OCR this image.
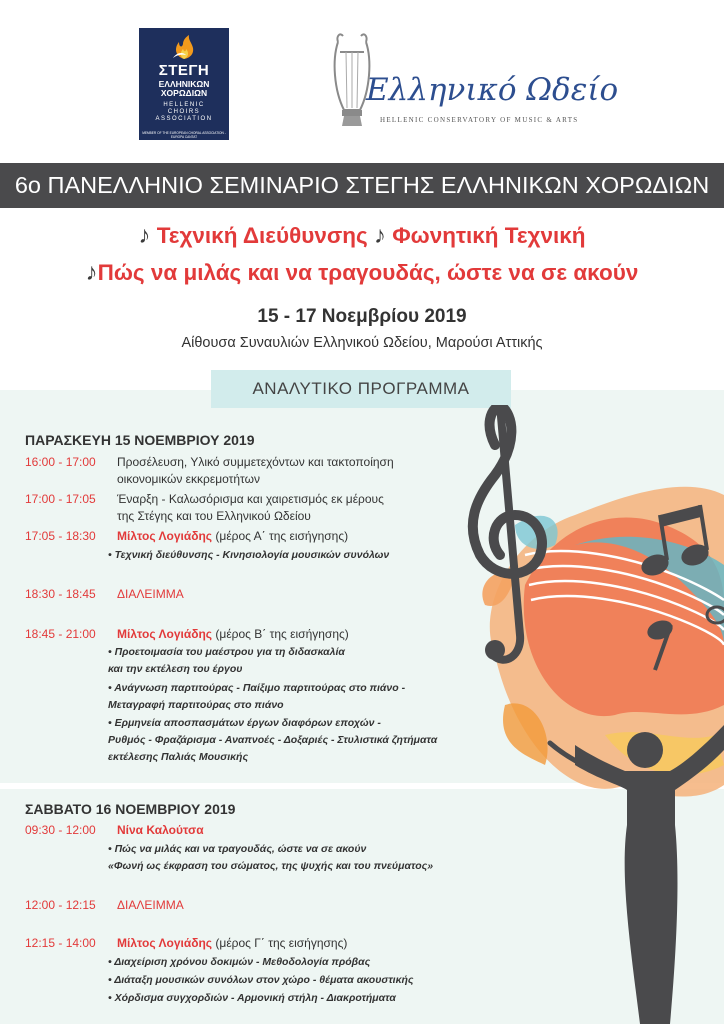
ΣΤΕΓΗ
ΕΛΛΗΝΙΚΩΝ
ΧΟΡΩΔΙΩΝ
HELLENIC
CHOIRS
ASSOCIATION
MEMBER OF THE EUROPEAN CHORAL ASSOCIATION - EUROPA CANTAT
Ελληνικό Ωδείο
HELLENIC CONSERVATORY OF MUSIC & ARTS
6ο ΠΑΝΕΛΛΗΝΙΟ ΣΕΜΙΝΑΡΙΟ ΣΤΕΓΗΣ ΕΛΛΗΝΙΚΩΝ ΧΟΡΩΔΙΩΝ
♪ Τεχνική Διεύθυνσης ♪ Φωνητική Τεχνική
♪Πώς να μιλάς και να τραγουδάς, ώστε να σε ακούν
15 - 17 Νοεμβρίου 2019
Αίθουσα Συναυλιών Ελληνικού Ωδείου, Μαρούσι Αττικής
ΑΝΑΛΥΤΙΚΟ ΠΡΟΓΡΑΜΜΑ
ΠΑΡΑΣΚΕΥΗ 15 ΝΟΕΜΒΡΙΟΥ 2019
16:00 - 17:00 Προσέλευση, Υλικό συμμετεχόντων και τακτοποίηση
οικονομικών εκκρεμοτήτων
17:00 - 17:05 Έναρξη - Καλωσόρισμα και χαιρετισμός εκ μέρους
της Στέγης και του Ελληνικού Ωδείου
17:05 - 18:30 Μίλτος Λογιάδης (μέρος Α΄ της εισήγησης)
• Τεχνική διεύθυνσης - Κινησιολογία μουσικών συνόλων
18:30 - 18:45 ΔΙΑΛΕΙΜΜΑ
18:45 - 21:00 Μίλτος Λογιάδης (μέρος Β΄ της εισήγησης)
• Προετοιμασία του μαέστρου για τη διδασκαλία
και την εκτέλεση του έργου
• Ανάγνωση παρτιτούρας - Παίξιμο παρτιτούρας στο πιάνο -
Μεταγραφή παρτιτούρας στο πιάνο
• Ερμηνεία αποσπασμάτων έργων διαφόρων εποχών -
Ρυθμός - Φραζάρισμα - Αναπνοές - Δοξαριές - Στυλιστικά ζητήματα
εκτέλεσης Παλιάς Μουσικής
ΣΑΒΒΑΤΟ 16 ΝΟΕΜΒΡΙΟΥ 2019
09:30 - 12:00 Νίνα Καλούτσα
• Πώς να μιλάς και να τραγουδάς, ώστε να σε ακούν
«Φωνή ως έκφραση του σώματος, της ψυχής και του πνεύματος»
12:00 - 12:15 ΔΙΑΛΕΙΜΜΑ
12:15 - 14:00 Μίλτος Λογιάδης (μέρος Γ΄ της εισήγησης)
• Διαχείριση χρόνου δοκιμών - Μεθοδολογία πρόβας
• Διάταξη μουσικών συνόλων στον χώρο - θέματα ακουστικής
• Χόρδισμα συγχορδιών - Αρμονική στήλη - Διακροτήματα
